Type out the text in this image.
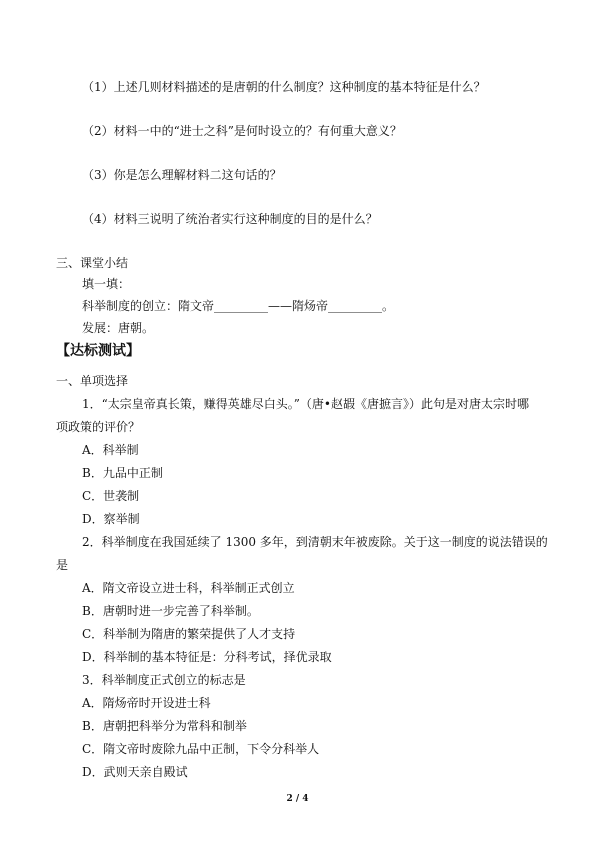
（1）上述几则材料描述的是唐朝的什么制度？这种制度的基本特征是什么？
（2）材料一中的“进士之科”是何时设立的？有何重大意义？
（3）你是怎么理解材料二这句话的？
（4）材料三说明了统治者实行这种制度的目的是什么？
三、课堂小结
填一填：
科举制度的创立：隋文帝_________——隋炀帝_________。
发展：唐朝。
【达标测试】
一、单项选择
1．“太宗皇帝真长策，赚得英雄尽白头。”（唐•赵嘏《唐摭言》）此句是对唐太宗时哪
项政策的评价？
A．科举制
B．九品中正制
C．世袭制
D．察举制
2．科举制度在我国延续了 1300 多年，到清朝末年被废除。关于这一制度的说法错误的
是
A．隋文帝设立进士科，科举制正式创立
B．唐朝时进一步完善了科举制。
C．科举制为隋唐的繁荣提供了人才支持
D．科举制的基本特征是：分科考试，择优录取
3．科举制度正式创立的标志是
A．隋炀帝时开设进士科
B．唐朝把科举分为常科和制举
C．隋文帝时废除九品中正制，下令分科举人
D．武则天亲自殿试
2 / 4
